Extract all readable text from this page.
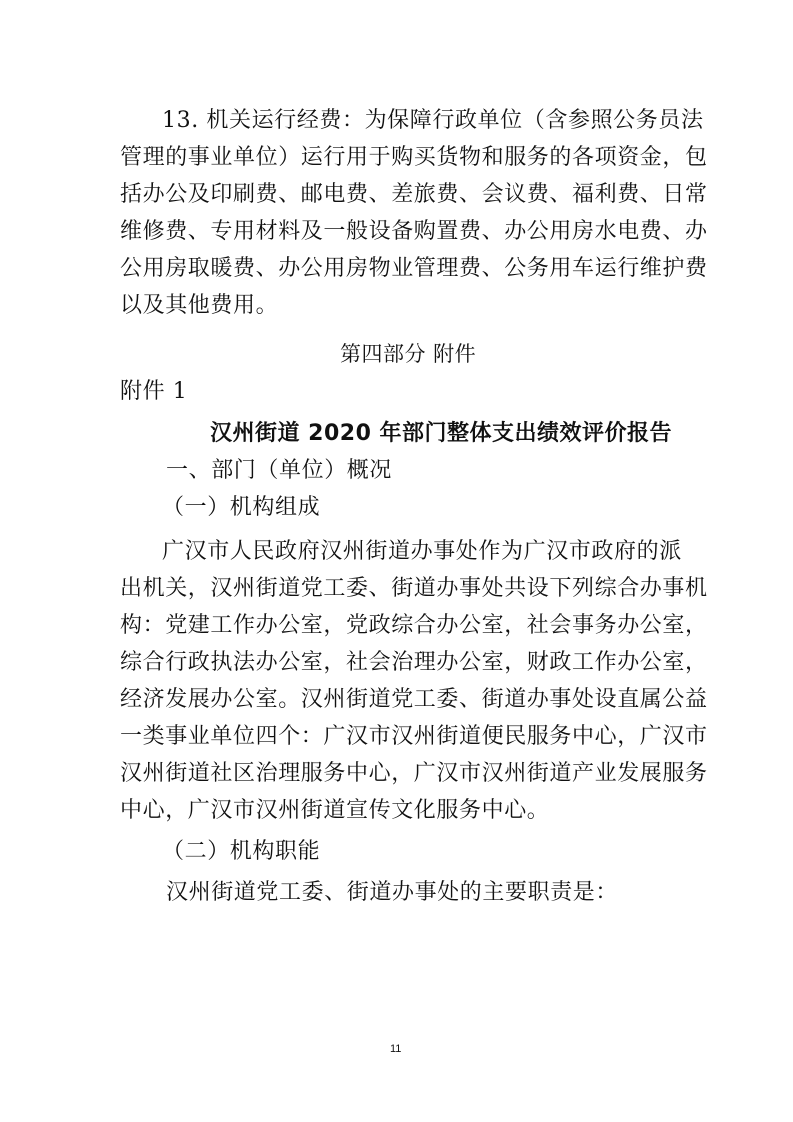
13. 机关运行经费：为保障行政单位（含参照公务员法
管理的事业单位）运行用于购买货物和服务的各项资金，包
括办公及印刷费、邮电费、差旅费、会议费、福利费、日常
维修费、专用材料及一般设备购置费、办公用房水电费、办
公用房取暖费、办公用房物业管理费、公务用车运行维护费
以及其他费用。
第四部分 附件
附件 1
汉州街道 2020 年部门整体支出绩效评价报告
一、部门（单位）概况
（一）机构组成
广汉市人民政府汉州街道办事处作为广汉市政府的派
出机关，汉州街道党工委、街道办事处共设下列综合办事机
构：党建工作办公室，党政综合办公室，社会事务办公室，
综合行政执法办公室，社会治理办公室，财政工作办公室，
经济发展办公室。汉州街道党工委、街道办事处设直属公益
一类事业单位四个：广汉市汉州街道便民服务中心，广汉市
汉州街道社区治理服务中心，广汉市汉州街道产业发展服务
中心，广汉市汉州街道宣传文化服务中心。
（二）机构职能
汉州街道党工委、街道办事处的主要职责是：
11
